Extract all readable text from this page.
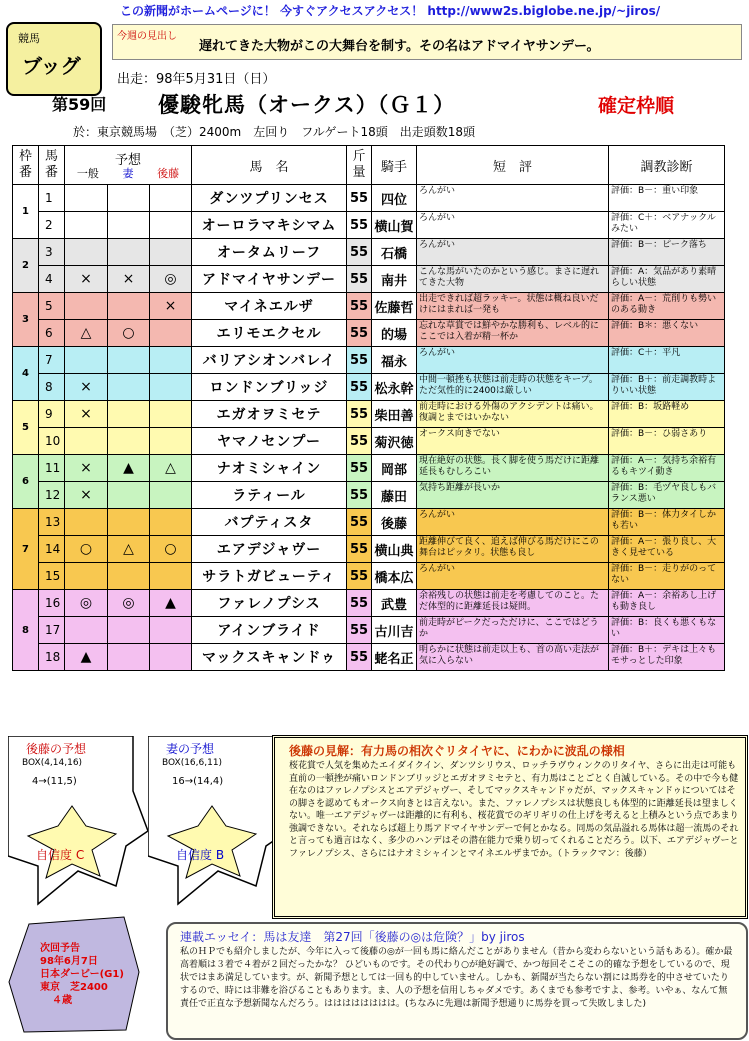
この新聞がホームページに！ 今すぐアクセスアクセス！ http://www2s.biglobe.ne.jp/~jiros/
競馬
ブッグ
今週の見出し
遅れてきた大物がこの大舞台を制す。その名はアドマイヤサンデー。
出走：98年5月31日（日）
第59回 優駿牝馬（オークス）（Ｇ１）	確定枠順
於：東京競馬場　（芝）2400m　左回り　フルゲート18頭　出走頭数18頭
枠番	馬番	予想
一般 妻 後藤			馬　名	斤量	騎手	短　評	調教診断
1	1				ダンツプリンセス	55	四位	ろんがい	評価：B－：重い印象
	2				オーロラマキシマム	55	横山賀	ろんがい	評価：C＋：ベアナックルみたい
2	3				オータムリーフ	55	石橋	ろんがい	評価：B－：ピーク落ち
	4	×	×	◎	アドマイヤサンデー	55	南井	こんな馬がいたのかという感じ。まさに遅れてきた大物	評価：A：気品があり素晴らしい状態
3	5			×	マイネエルザ	55	佐藤哲	出走できれば超ラッキー。状態は概ね良いだけにはまれば一発も	評価：A－：荒削りも勢いのある動き
	6	△	○		エリモエクセル	55	的場	忘れな草賞では鮮やかな勝利も、レベル的にここでは入着が精一杯か	評価：B＊：悪くない
4	7				バリアシオンバレイ	55	福永	ろんがい	評価：C＋：平凡
	8	×			ロンドンブリッジ	55	松永幹	中間一頓挫も状態は前走時の状態をキープ。ただ気性的に2400は厳しい	評価：B＋：前走調教時よりいい状態
5	9	×			エガオヲミセテ	55	柴田善	前走時における外傷のアクシデントは痛い。復調とまではいかない	評価：B：坂路軽め
	10				ヤマノセンプー	55	菊沢徳	オークス向きでない	評価：B－：ひ弱さあり
6	11	×	▲	△	ナオミシャイン	55	岡部	現在絶好の状態。長く脚を使う馬だけに距離延長もむしろこい	評価：A－：気持ち余裕有るもキツイ動き
	12	×			ラティール	55	藤田	気持ち距離が長いか	評価：B：毛ヅヤ良しもバランス悪い
7	13				バプティスタ	55	後藤	ろんがい	評価：B－：体力タイしかも若い
	14	○	△	○	エアデジャヴー	55	横山典	距離伸びて良く、追えば伸びる馬だけにこの舞台はピッタリ。状態も良し	評価：A－：張り良し、大きく見せている
	15				サラトガビューティ	55	橋本広	ろんがい	評価：B－：走りがのってない
8	16	◎	◎	▲	ファレノプシス	55	武豊	余裕残しの状態は前走を考慮してのこと。ただ体型的に距離延長は疑問。	評価：A－：余裕あし上げも動き良し
	17				アインブライド	55	古川吉	前走時がピークだっただけに、ここではどうか	評価：B：良くも悪くもない
	18	▲			マックスキャンドゥ	55	蛯名正	明らかに状態は前走以上も、首の高い走法が気に入らない	評価：B＋：デキは上々もモサっとした印象
後藤の予想
BOX(4,14,16)
4→(11,5)
自信度 C
妻の予想
BOX(16,6,11)
16→(14,4)
自信度 B
後藤の見解：有力馬の相次ぐリタイヤに、にわかに波乱の様相
桜花賞で人気を集めたエイダイクイン、ダンツシリウス、ロッチラヴウィンクのリタイヤ、さらに出走は可能も直前の一頓挫が痛いロンドンブリッジとエガオヲミセテと、有力馬はことごとく自滅している。その中で今も健在なのはファレノプシスとエアデジャヴー、そしてマックスキャンドゥだが、マックスキャンドゥについてはその脚さを認めてもオークス向きとは言えない。また、ファレノプシスは状態良しも体型的に距離延長は望ましくない。唯一エアデジャヴーは距離的に有利も、桜花賞でのギリギリの仕上げを考えると上積みという点であまり強調できない。それならば超上り馬アドマイヤサンデーで何とかなる。同馬の気品溢れる馬体は超一流馬のそれと言っても過言はなく、多少のハンデはその潜在能力で乗り切ってくれることだろう。以下、エアデジャヴーとファレノプシス、さらにはナオミシャインとマイネエルザまでか。（トラックマン：後藤）
次回予告
98年6月7日
日本ダービー(G1)
東京　芝2400
４歳
連載エッセイ：馬は友達　第27回「後藤の◎は危険？」by jiros
私のＨＰでも紹介しましたが、今年に入って後藤の◎が一回も馬に絡んだことがありません（昔から変わらないという話もある）。確か最高着順は３着で４着が２回だったかな？ ひどいものです。その代わり○が絶好調で、かつ毎回そこそこの的確な予想をしているので、現状ではまあ満足しています。が、新聞予想としては一回も的中していません。しかも、新聞が当たらない割には馬券を的中させていたりするので、時には非難を浴びることもあります。ま、人の予想を信用しちゃダメです。あくまでも参考ですよ、参考。いやぁ、なんて無責任で正直な予想新聞なんだろう。はははははははは。(ちなみに先週は新聞予想通りに馬券を買って失敗しました)
